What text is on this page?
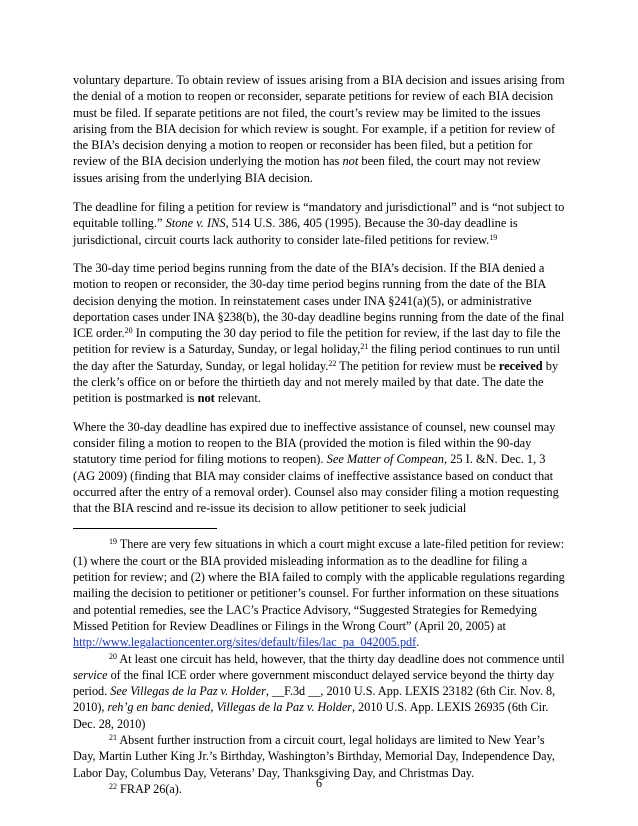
voluntary departure. To obtain review of issues arising from a BIA decision and issues arising from the denial of a motion to reopen or reconsider, separate petitions for review of each BIA decision must be filed. If separate petitions are not filed, the court’s review may be limited to the issues arising from the BIA decision for which review is sought. For example, if a petition for review of the BIA’s decision denying a motion to reopen or reconsider has been filed, but a petition for review of the BIA decision underlying the motion has not been filed, the court may not review issues arising from the underlying BIA decision.

The deadline for filing a petition for review is “mandatory and jurisdictional” and is “not subject to equitable tolling.” Stone v. INS, 514 U.S. 386, 405 (1995). Because the 30-day deadline is jurisdictional, circuit courts lack authority to consider late-filed petitions for review.$^{19}$

The 30-day time period begins running from the date of the BIA’s decision. If the BIA denied a motion to reopen or reconsider, the 30-day time period begins running from the date of the BIA decision denying the motion. In reinstatement cases under INA §241(a)(5), or administrative deportation cases under INA §238(b), the 30-day deadline begins running from the date of the final ICE order.$^{20}$ In computing the 30 day period to file the petition for review, if the last day to file the petition for review is a Saturday, Sunday, or legal holiday,$^{21}$ the filing period continues to run until the day after the Saturday, Sunday, or legal holiday.$^{22}$ The petition for review must be received by the clerk’s office on or before the thirtieth day and not merely mailed by that date. The date the petition is postmarked is not relevant.

Where the 30-day deadline has expired due to ineffective assistance of counsel, new counsel may consider filing a motion to reopen to the BIA (provided the motion is filed within the 90-day statutory time period for filing motions to reopen). See Matter of Compean, 25 I. &N. Dec. 1, 3 (AG 2009) (finding that BIA may consider claims of ineffective assistance based on conduct that occurred after the entry of a removal order). Counsel also may consider filing a motion requesting that the BIA rescind and re-issue its decision to allow petitioner to seek judicial

$^{19}$ There are very few situations in which a court might excuse a late-filed petition for review: (1) where the court or the BIA provided misleading information as to the deadline for filing a petition for review; and (2) where the BIA failed to comply with the applicable regulations regarding mailing the decision to petitioner or petitioner’s counsel. For further information on these situations and potential remedies, see the LAC’s Practice Advisory, “Suggested Strategies for Remedying Missed Petition for Review Deadlines or Filings in the Wrong Court” (April 20, 2005) at http://www.legalactioncenter.org/sites/default/files/lac_pa_042005.pdf.

$^{20}$ At least one circuit has held, however, that the thirty day deadline does not commence until service of the final ICE order where government misconduct delayed service beyond the thirty day period. See Villegas de la Paz v. Holder, __F.3d __, 2010 U.S. App. LEXIS 23182 (6th Cir. Nov. 8, 2010), reh’g en banc denied, Villegas de la Paz v. Holder, 2010 U.S. App. LEXIS 26935 (6th Cir. Dec. 28, 2010)

$^{21}$ Absent further instruction from a circuit court, legal holidays are limited to New Year’s Day, Martin Luther King Jr.’s Birthday, Washington’s Birthday, Memorial Day, Independence Day, Labor Day, Columbus Day, Veterans’ Day, Thanksgiving Day, and Christmas Day.

$^{22}$ FRAP 26(a).	6
